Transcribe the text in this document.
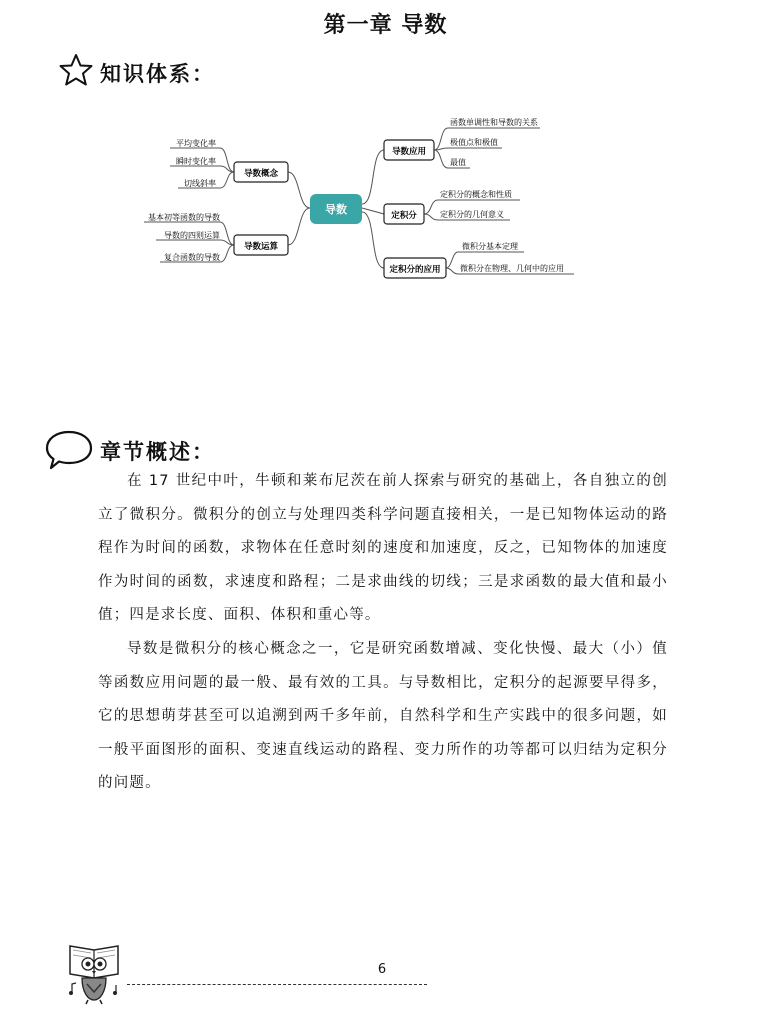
第一章 导数
知识体系：
导数
导数概念
平均变化率
瞬时变化率
切线斜率
导数运算
基本初等函数的导数
导数的四则运算
复合函数的导数
导数应用
函数单调性和导数的关系
极值点和极值
最值
定积分
定积分的概念和性质
定积分的几何意义
定积分的应用
微积分基本定理
微积分在物理、几何中的应用
章节概述：

在 17 世纪中叶，牛顿和莱布尼茨在前人探索与研究的基础上，各自独立的创立了微积分。微积分的创立与处理四类科学问题直接相关，一是已知物体运动的路程作为时间的函数，求物体在任意时刻的速度和加速度，反之，已知物体的加速度作为时间的函数，求速度和路程；二是求曲线的切线；三是求函数的最大值和最小值；四是求长度、面积、体积和重心等。

导数是微积分的核心概念之一，它是研究函数增减、变化快慢、最大（小）值等函数应用问题的最一般、最有效的工具。与导数相比，定积分的起源要早得多，它的思想萌芽甚至可以追溯到两千多年前，自然科学和生产实践中的很多问题，如一般平面图形的面积、变速直线运动的路程、变力所作的功等都可以归结为定积分的问题。

6
